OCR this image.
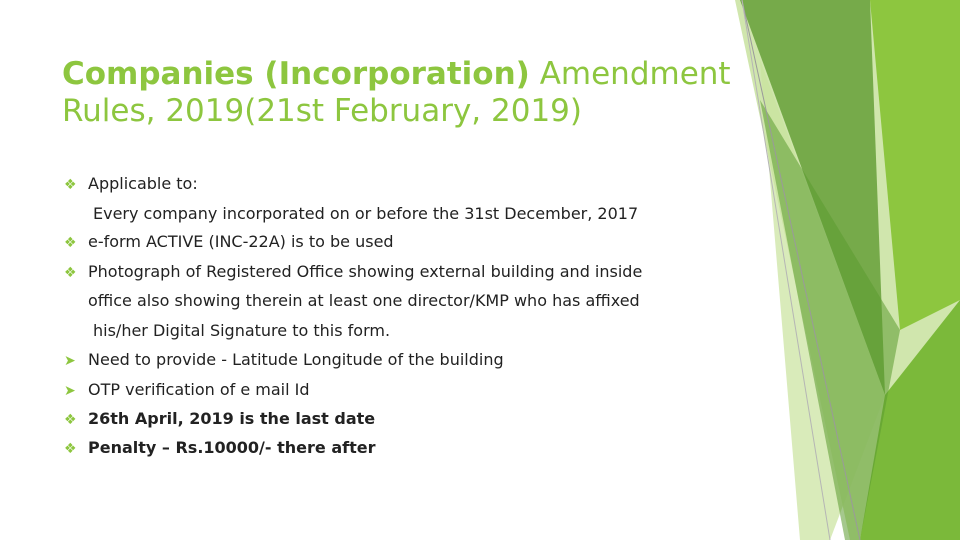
Companies (Incorporation) Amendment
Rules, 2019(21st February, 2019)
❖ Applicable to:
Every company incorporated on or before the 31st December, 2017
❖ e-form ACTIVE (INC-22A) is to be used
❖ Photograph of Registered Office showing external building and inside
office also showing therein at least one director/KMP who has affixed
his/her Digital Signature to this form.
➤ Need to provide - Latitude Longitude of the building
➤ OTP verification of e mail Id
❖ 26th April, 2019 is the last date
❖ Penalty – Rs.10000/- there after
